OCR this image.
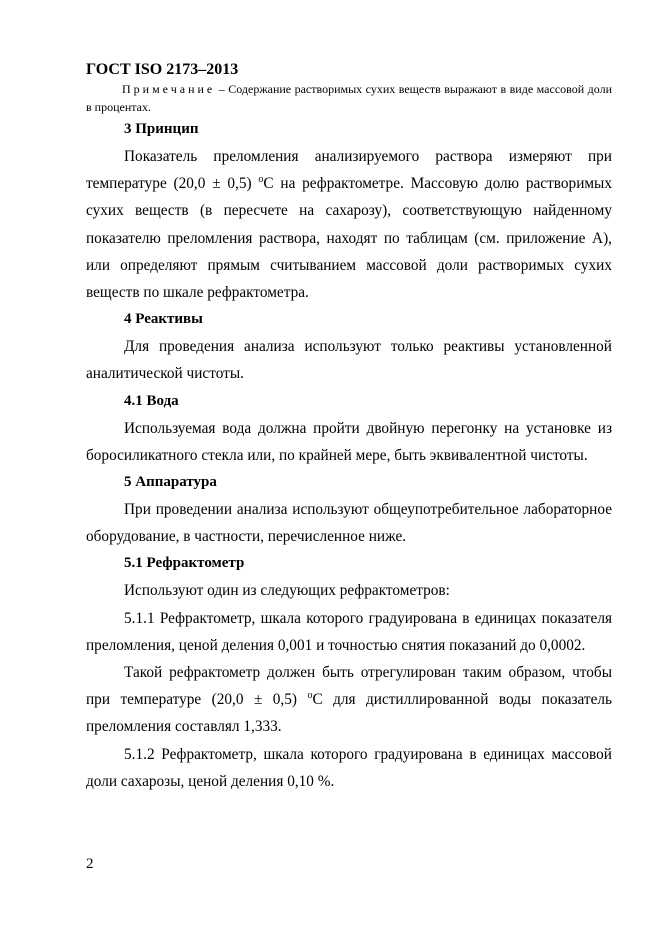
ГОСТ ISO 2173–2013

Примечание – Содержание растворимых сухих веществ выражают в виде массовой доли в процентах.

3 Принцип

Показатель преломления анализируемого раствора измеряют при температуре (20,0 ± 0,5) $^o$С на рефрактометре. Массовую долю растворимых сухих веществ (в пересчете на сахарозу), соответствующую найденному показателю преломления раствора, находят по таблицам (см. приложение А), или определяют прямым считыванием массовой доли растворимых сухих веществ по шкале рефрактометра.

4 Реактивы

Для проведения анализа используют только реактивы установленной аналитической чистоты.

4.1 Вода

Используемая вода должна пройти двойную перегонку на установке из боросиликатного стекла или, по крайней мере, быть эквивалентной чистоты.

5 Аппаратура

При проведении анализа используют общеупотребительное лабораторное оборудование, в частности, перечисленное ниже.

5.1 Рефрактометр

Используют один из следующих рефрактометров:

5.1.1 Рефрактометр, шкала которого градуирована в единицах показателя преломления, ценой деления 0,001 и точностью снятия показаний до 0,0002.

Такой рефрактометр должен быть отрегулирован таким образом, чтобы при температуре (20,0 ± 0,5) $^o$С для дистиллированной воды показатель преломления составлял 1,333.

5.1.2 Рефрактометр, шкала которого градуирована в единицах массовой доли сахарозы, ценой деления 0,10 %.

2
